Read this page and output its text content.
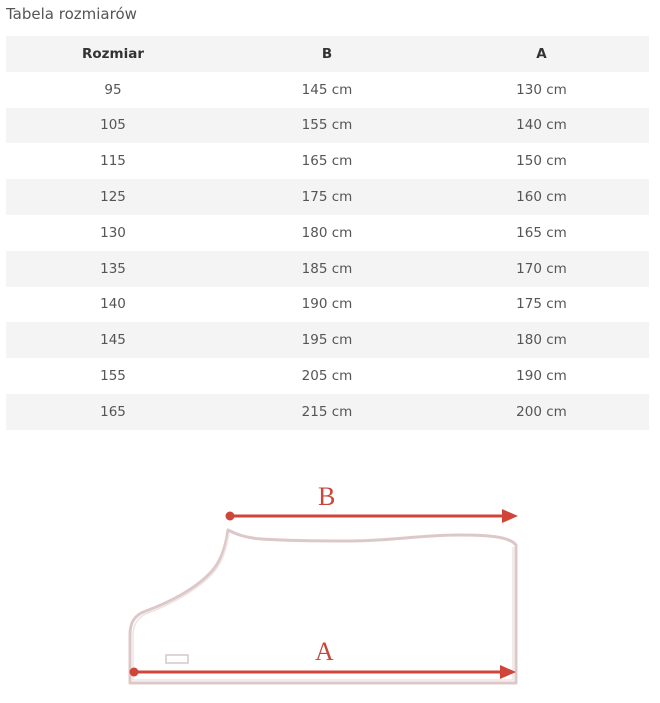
Tabela rozmiarów
Rozmiar	B	A
95	145 cm	130 cm
105	155 cm	140 cm
115	165 cm	150 cm
125	175 cm	160 cm
130	180 cm	165 cm
135	185 cm	170 cm
140	190 cm	175 cm
145	195 cm	180 cm
155	205 cm	190 cm
165	215 cm	200 cm
B
A
